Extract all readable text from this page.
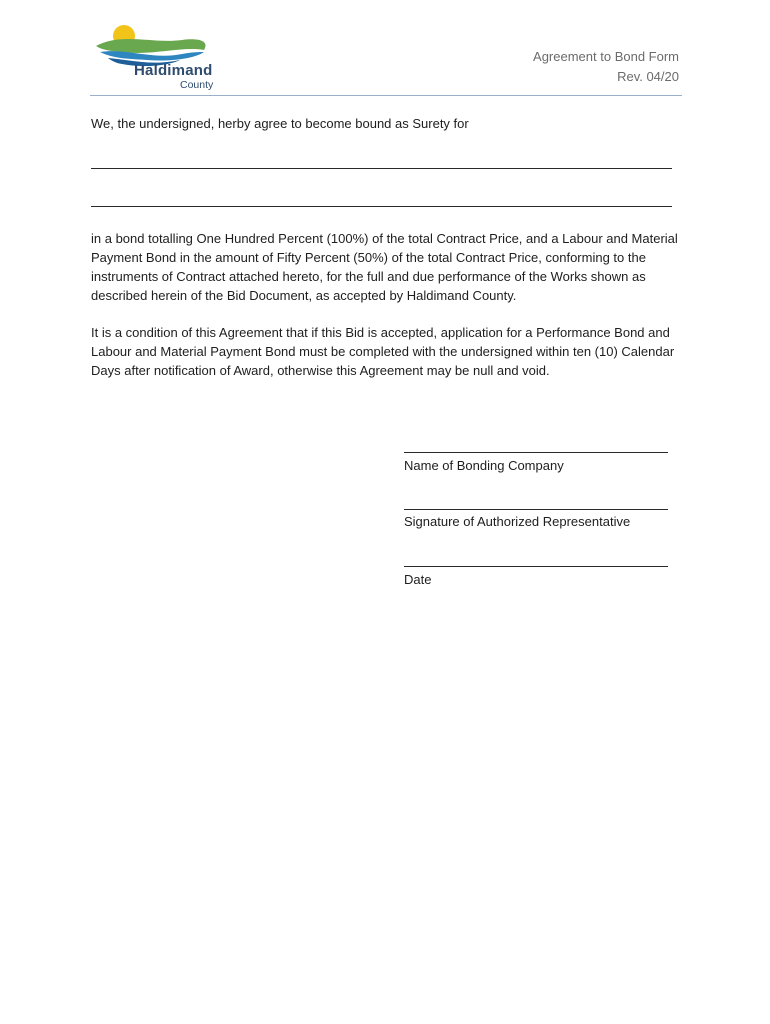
Haldimand
County
Agreement to Bond Form
Rev. 04/20
We, the undersigned, herby agree to become bound as Surety for

in a bond totalling One Hundred Percent (100%) of the total Contract Price, and a Labour and Material Payment Bond in the amount of Fifty Percent (50%) of the total Contract Price, conforming to the instruments of Contract attached hereto, for the full and due performance of the Works shown as described herein of the Bid Document, as accepted by Haldimand County.

It is a condition of this Agreement that if this Bid is accepted, application for a Performance Bond and Labour and Material Payment Bond must be completed with the undersigned within ten (10) Calendar Days after notification of Award, otherwise this Agreement may be null and void.

Name of Bonding Company
Signature of Authorized Representative
Date
